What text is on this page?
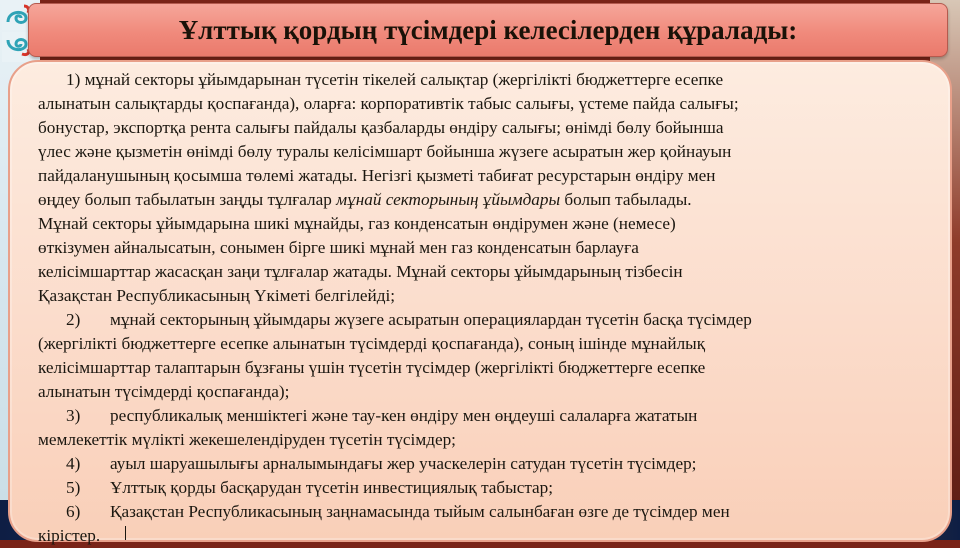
Ұлттық қордың түсімдері келесілерден құралады:
1) мұнай секторы ұйымдарынан түсетін тікелей салықтар (жергілікті бюджеттерге есепке
алынатын салықтарды қоспағанда), оларға: корпоративтік табыс салығы, үстеме пайда салығы;
бонустар, экспортқа рента салығы пайдалы қазбаларды өндіру салығы; өнімді бөлу бойынша
үлес және қызметін өнімді бөлу туралы келісімшарт бойынша жүзеге асыратын жер қойнауын
пайдаланушының қосымша төлемі жатады. Негізгі қызметі табиғат ресурстарын өндіру мен
өңдеу болып табылатын заңды тұлғалар мұнай секторының ұйымдары болып табылады.
Мұнай секторы ұйымдарына шикі мұнайды, газ конденсатын өндірумен және (немесе)
өткізумен айналысатын, сонымен бірге шикі мұнай мен газ конденсатын барлауға
келісімшарттар жасасқан заңи тұлғалар жатады. Мұнай секторы ұйымдарының тізбесін
Қазақстан Республикасының Үкіметі белгілейді;
2) мұнай секторының ұйымдары жүзеге асыратын операциялардан түсетін басқа түсімдер
(жергілікті бюджеттерге есепке алынатын түсімдерді қоспағанда), соның ішінде мұнайлық
келісімшарттар талаптарын бұзғаны үшін түсетін түсімдер (жергілікті бюджеттерге есепке
алынатын түсімдерді қоспағанда);
3) республикалық меншіктегі және тау-кен өндіру мен өңдеуші салаларға жататын
мемлекеттік мүлікті жекешелендіруден түсетін түсімдер;
4) ауыл шаруашылығы арналымындағы жер учаскелерін сатудан түсетін түсімдер;
5) Ұлттық қорды басқарудан түсетін инвестициялық табыстар;
6) Қазақстан Республикасының заңнамасында тыйым салынбаған өзге де түсімдер мен
кірістер.
